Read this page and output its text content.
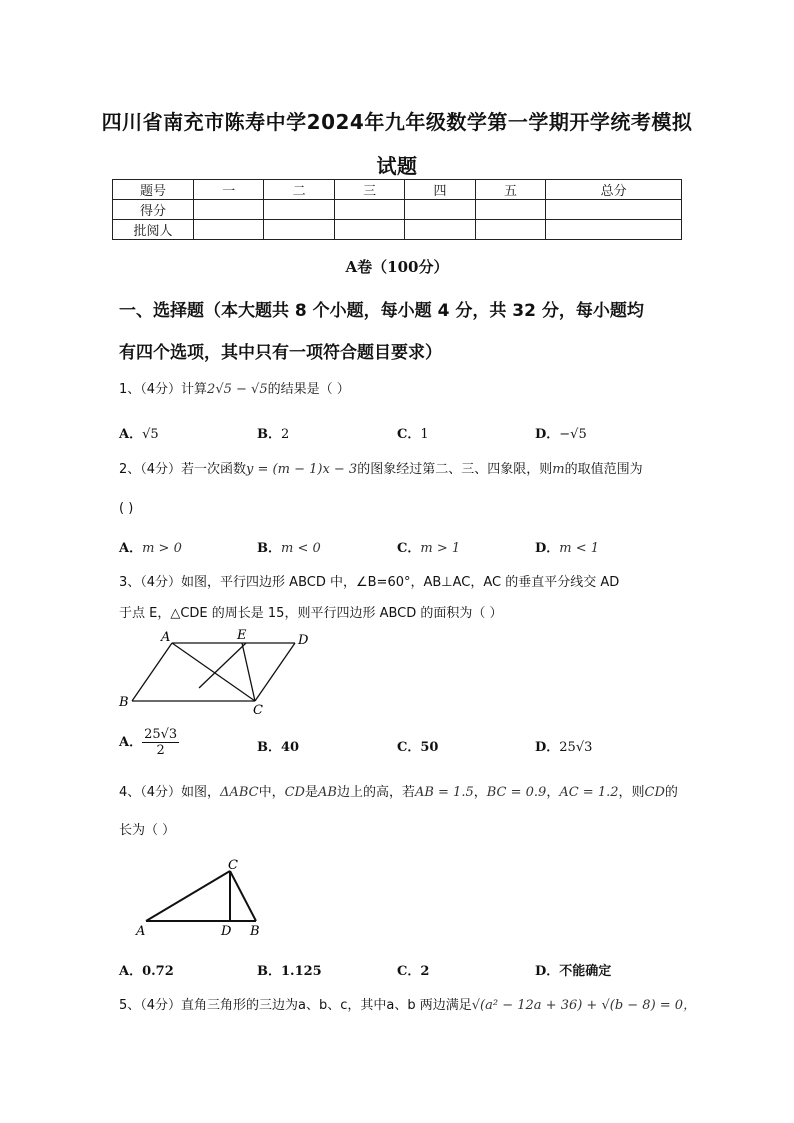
四川省南充市陈寿中学2024年九年级数学第一学期开学统考模拟
试题
题号	一	二	三	四	五	总分
得分						
批阅人						
A卷（100分）
一、选择题（本大题共 8 个小题，每小题 4 分，共 32 分，每小题均
有四个选项，其中只有一项符合题目要求）
1、（4分）计算2√5 − √5的结果是（ ）
A．√5	B．2	C．1	D．−√5
2、（4分）若一次函数y = (m − 1)x − 3的图象经过第二、三、四象限，则m的取值范围为
( )
A．m > 0	B．m < 0	C．m > 1	D．m < 1
3、（4分）如图，平行四边形 ABCD 中，∠B=60°，AB⊥AC，AC 的垂直平分线交 AD
于点 E，△CDE 的周长是 15，则平行四边形 ABCD 的面积为（ ）
A	E	D
B
C
A． $\frac{25√3}{2}$	B．40	C．50	D．25√3
4、（4分）如图，ΔABC中，CD是AB边上的高，若AB = 1.5，BC = 0.9，AC = 1.2，则CD的
长为（ ）
C
A	D B
A．0.72	B．1.125	C．2	D．不能确定
5、（4分）直角三角形的三边为a、b、c，其中a、b 两边满足√(a² − 12a + 36) + √(b − 8) = 0，
